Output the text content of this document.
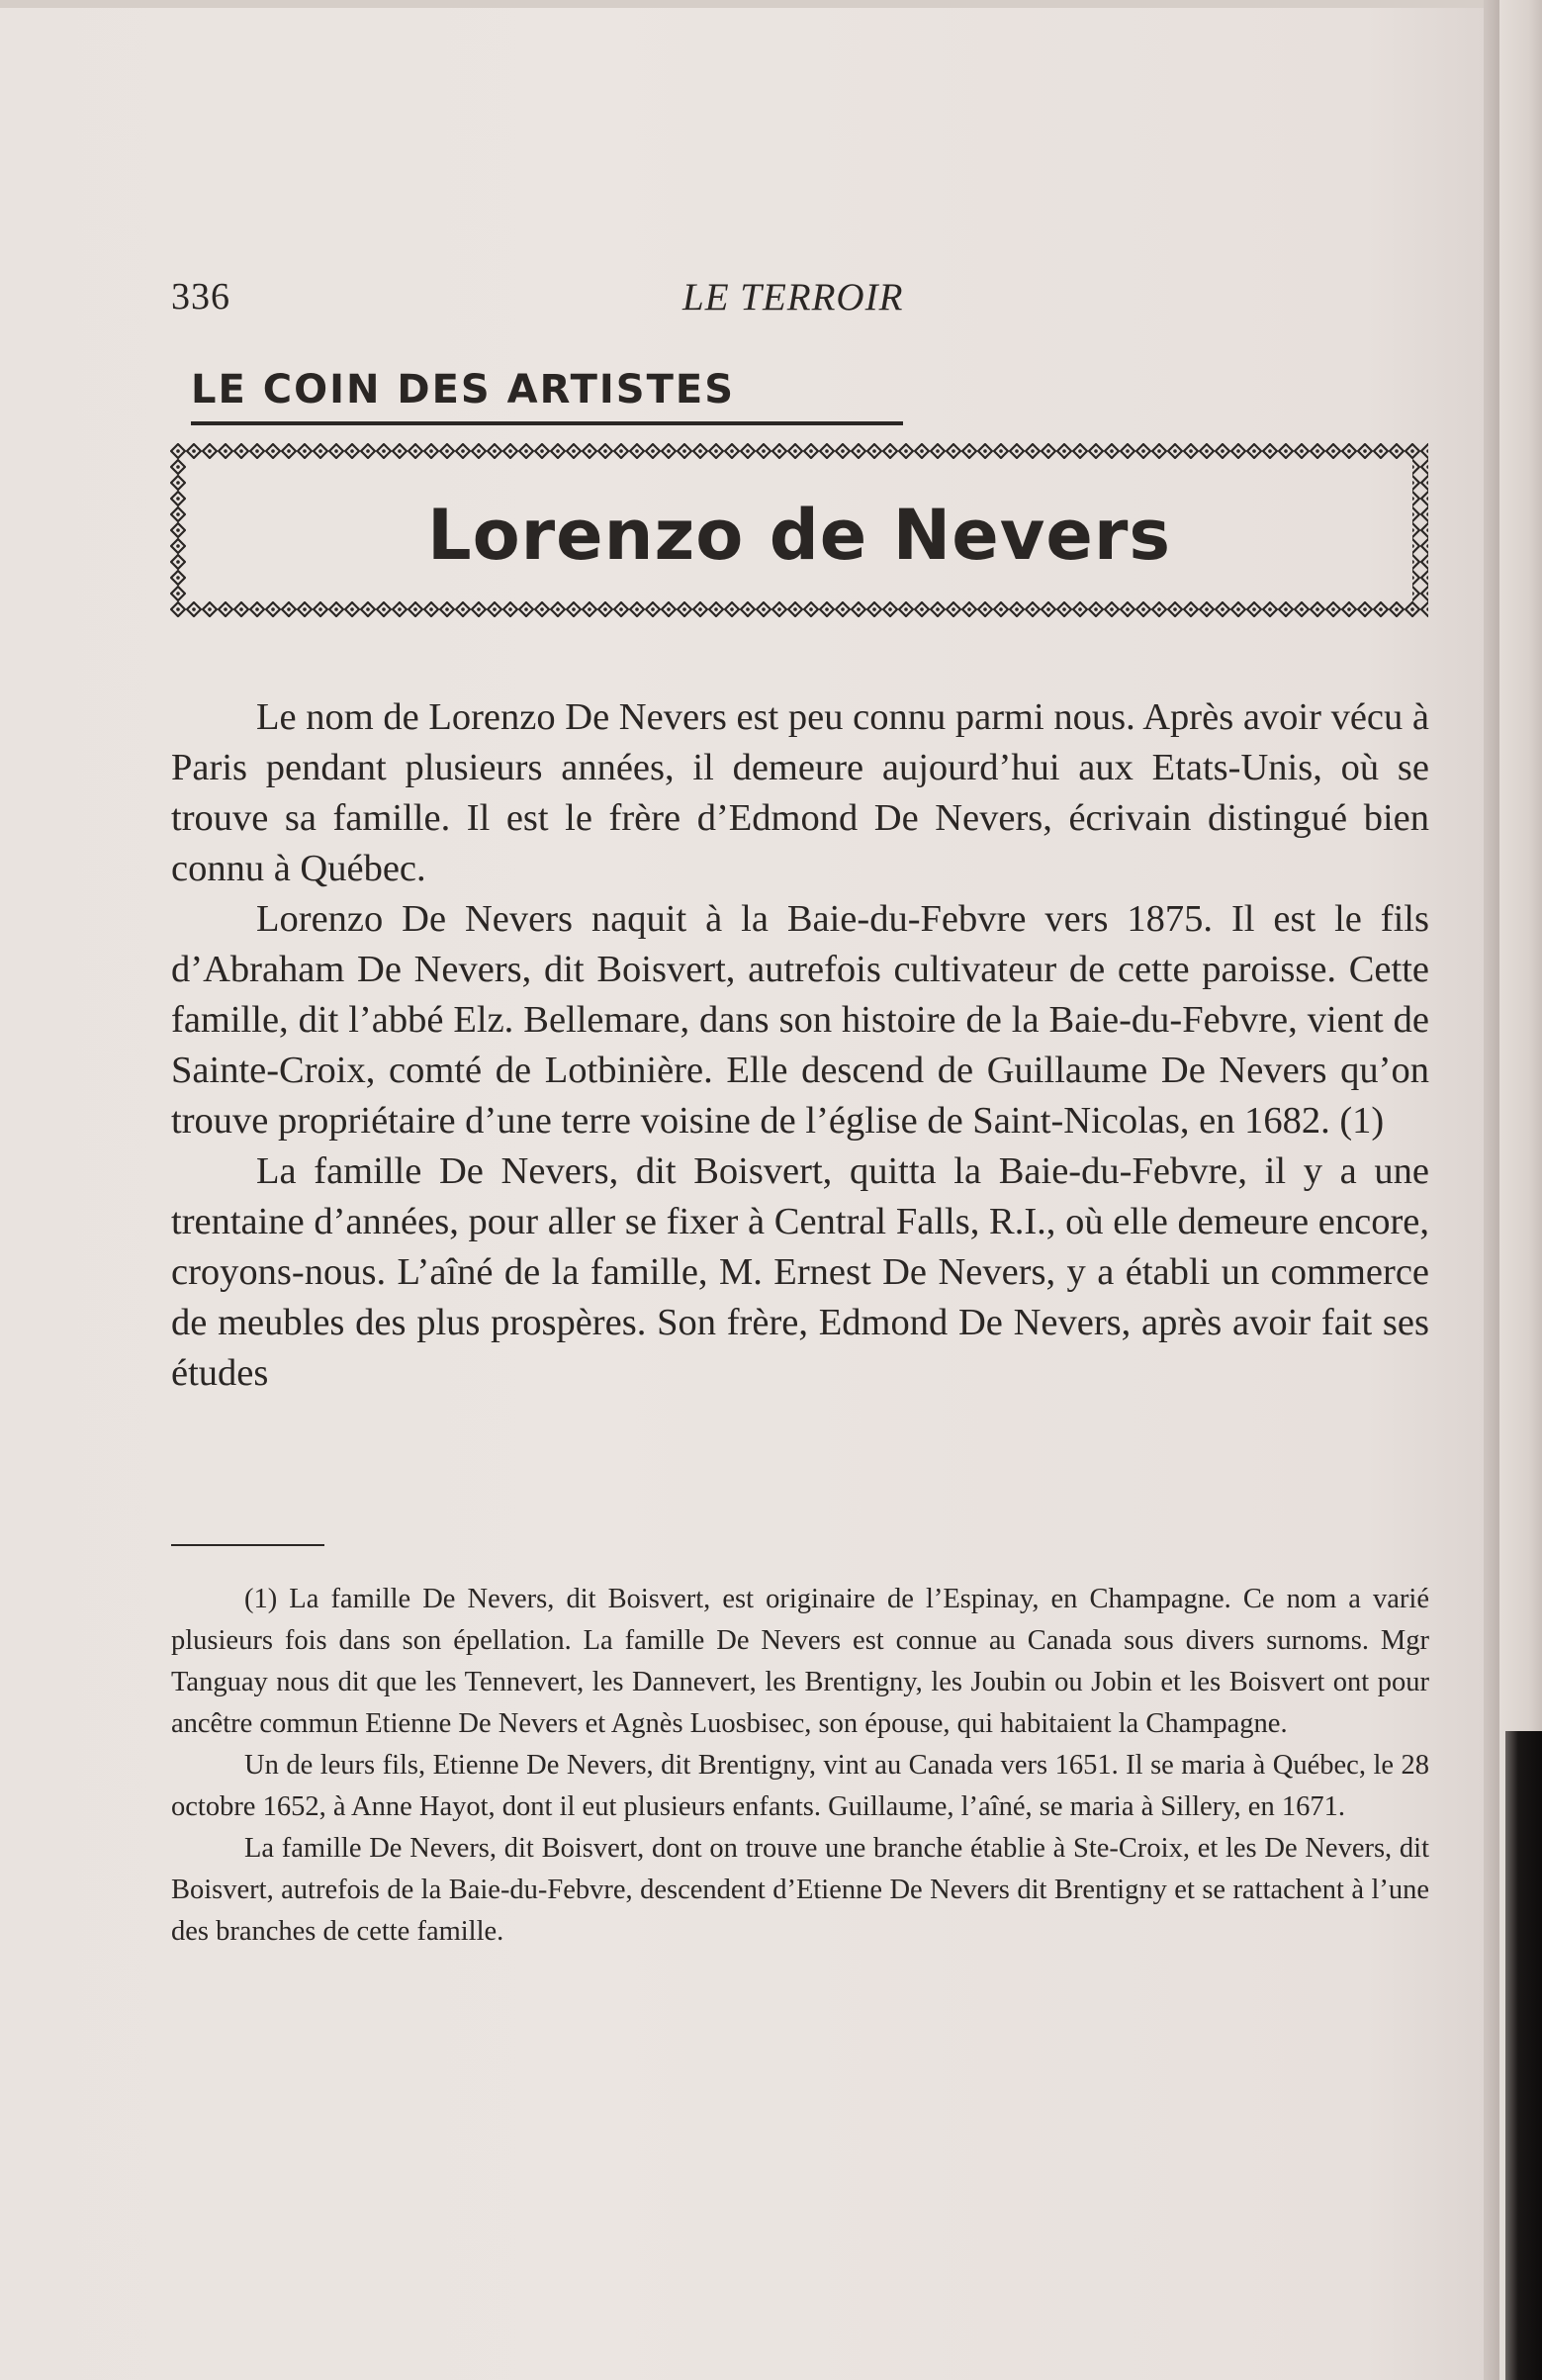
336	LE TERROIR
LE COIN DES ARTISTES
Lorenzo de Nevers

Le nom de Lorenzo De Nevers est peu connu parmi nous. Après avoir vécu à Paris pendant plusieurs années, il demeure aujourd’hui aux Etats-Unis, où se trouve sa famille. Il est le frère d’Edmond De Nevers, écrivain distingué bien connu à Québec.

Lorenzo De Nevers naquit à la Baie-du-Febvre vers 1875. Il est le fils d’Abraham De Nevers, dit Boisvert, autrefois cultivateur de cette paroisse. Cette famille, dit l’abbé Elz. Bellemare, dans son histoire de la Baie-du-Febvre, vient de Sainte-Croix, comté de Lotbinière. Elle descend de Guillaume De Nevers qu’on trouve propriétaire d’une terre voisine de l’église de Saint-Nicolas, en 1682. (1)

La famille De Nevers, dit Boisvert, quitta la Baie-du-Febvre, il y a une trentaine d’années, pour aller se fixer à Central Falls, R.I., où elle demeure encore, croyons-nous. L’aîné de la famille, M. Ernest De Nevers, y a établi un commerce de meubles des plus prospères. Son frère, Edmond De Nevers, après avoir fait ses études

(1) La famille De Nevers, dit Boisvert, est originaire de l’Espinay, en Champagne. Ce nom a varié plusieurs fois dans son épellation. La famille De Nevers est connue au Canada sous divers surnoms. Mgr Tanguay nous dit que les Tennevert, les Dannevert, les Brentigny, les Joubin ou Jobin et les Boisvert ont pour ancêtre commun Etienne De Nevers et Agnès Luosbisec, son épouse, qui habitaient la Champagne.

Un de leurs fils, Etienne De Nevers, dit Brentigny, vint au Canada vers 1651. Il se maria à Québec, le 28 octobre 1652, à Anne Hayot, dont il eut plusieurs enfants. Guillaume, l’aîné, se maria à Sillery, en 1671.

La famille De Nevers, dit Boisvert, dont on trouve une branche établie à Ste-Croix, et les De Nevers, dit Boisvert, autrefois de la Baie-du-Febvre, descendent d’Etienne De Nevers dit Brentigny et se rattachent à l’une des branches de cette famille.
